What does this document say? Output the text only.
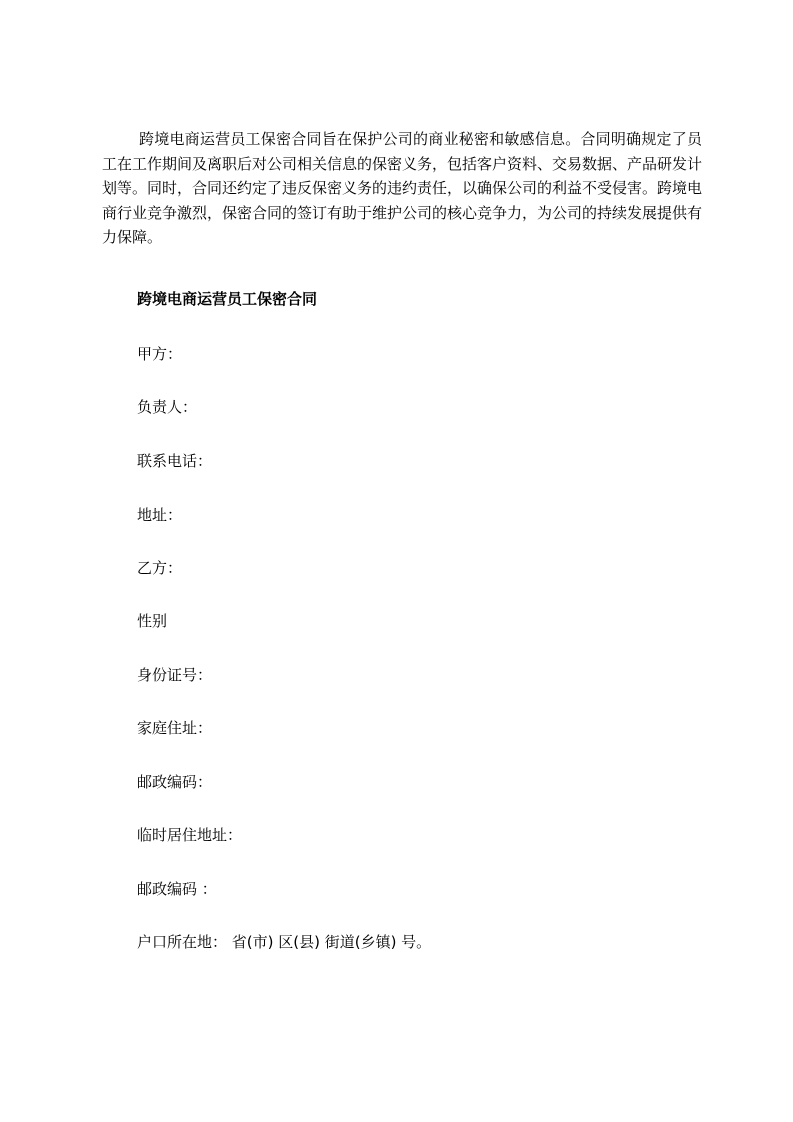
跨境电商运营员工保密合同旨在保护公司的商业秘密和敏感信息。合同明确规定了员工在工作期间及离职后对公司相关信息的保密义务，包括客户资料、交易数据、产品研发计划等。同时，合同还约定了违反保密义务的违约责任，以确保公司的利益不受侵害。跨境电商行业竞争激烈，保密合同的签订有助于维护公司的核心竞争力，为公司的持续发展提供有力保障。

跨境电商运营员工保密合同

甲方：

负责人：

联系电话：

地址：

乙方：

性别

身份证号：

家庭住址：

邮政编码：

临时居住地址：

邮政编码 ：

户口所在地： 省(市) 区(县) 街道(乡镇) 号。
